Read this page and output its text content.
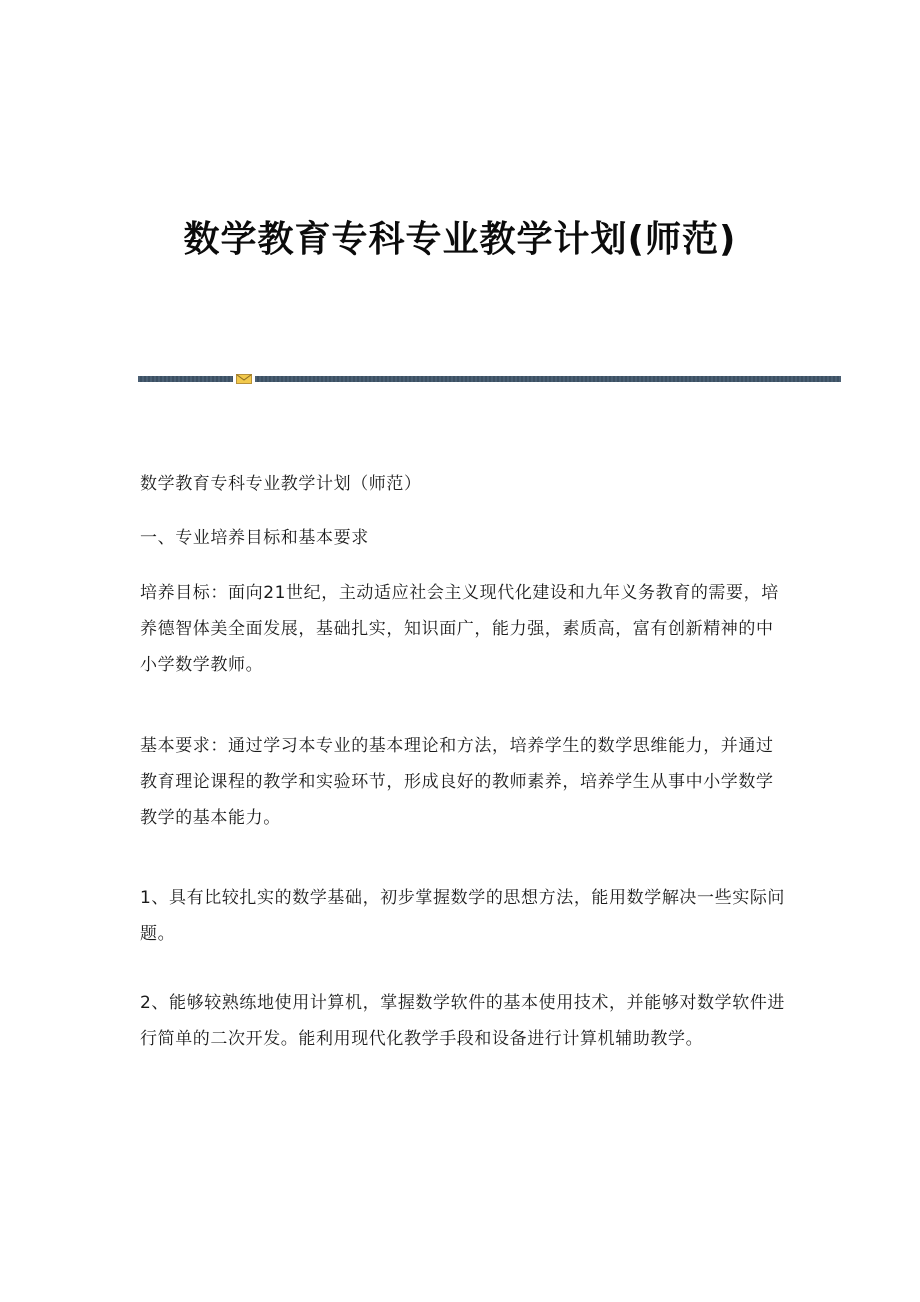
数学教育专科专业教学计划(师范)

数学教育专科专业教学计划（师范）

一、专业培养目标和基本要求

培养目标：面向21世纪，主动适应社会主义现代化建设和九年义务教育的需要，培养德智体美全面发展，基础扎实，知识面广，能力强，素质高，富有创新精神的中小学数学教师。

基本要求：通过学习本专业的基本理论和方法，培养学生的数学思维能力，并通过教育理论课程的教学和实验环节，形成良好的教师素养，培养学生从事中小学数学教学的基本能力。

1、具有比较扎实的数学基础，初步掌握数学的思想方法，能用数学解决一些实际问题。

2、能够较熟练地使用计算机，掌握数学软件的基本使用技术，并能够对数学软件进行简单的二次开发。能利用现代化教学手段和设备进行计算机辅助教学。
